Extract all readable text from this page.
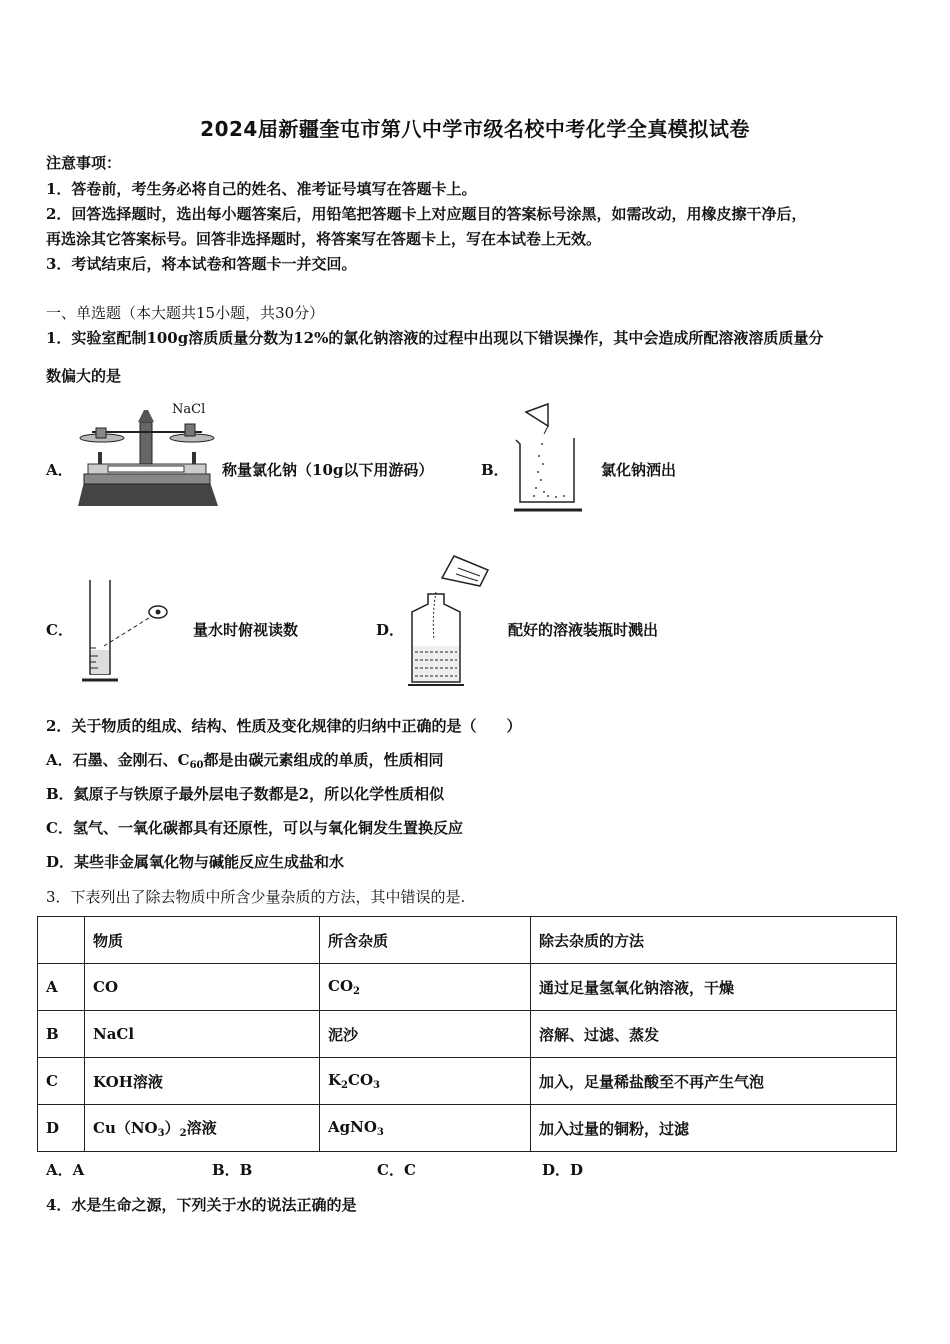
2024届新疆奎屯市第八中学市级名校中考化学全真模拟试卷
注意事项：
1．答卷前，考生务必将自己的姓名、准考证号填写在答题卡上。
2．回答选择题时，选出每小题答案后，用铅笔把答题卡上对应题目的答案标号涂黑，如需改动，用橡皮擦干净后，
再选涂其它答案标号。回答非选择题时，将答案写在答题卡上，写在本试卷上无效。
3．考试结束后，将本试卷和答题卡一并交回。
一、单选题（本大题共15小题，共30分）
1．实验室配制100g溶质质量分数为12%的氯化钠溶液的过程中出现以下错误操作，其中会造成所配溶液溶质质量分
数偏大的是
A．
NaCl
称量氯化钠（10g以下用游码）	B．	氯化钠洒出
C．	量水时俯视读数	D．	配好的溶液装瓶时溅出
2．关于物质的组成、结构、性质及变化规律的归纳中正确的是（　　）
A．石墨、金刚石、$C_{60}$都是由碳元素组成的单质，性质相同
B．氦原子与铁原子最外层电子数都是2，所以化学性质相似
C．氢气、一氧化碳都具有还原性，可以与氧化铜发生置换反应
D．某些非金属氧化物与碱能反应生成盐和水
3．下表列出了除去物质中所含少量杂质的方法，其中错误的是.
	物质	所含杂质	除去杂质的方法
A	CO	$CO_2$	通过足量氢氧化钠溶液，干燥
B	NaCl	泥沙	溶解、过滤、蒸发
C	KOH溶液	$K_2CO_3$	加入，足量稀盐酸至不再产生气泡
D	$Cu(NO_3)_2$溶液	AgNO$_3$	加入过量的铜粉，过滤
A．A	B．B	C．C	D．D
4．水是生命之源，下列关于水的说法正确的是
